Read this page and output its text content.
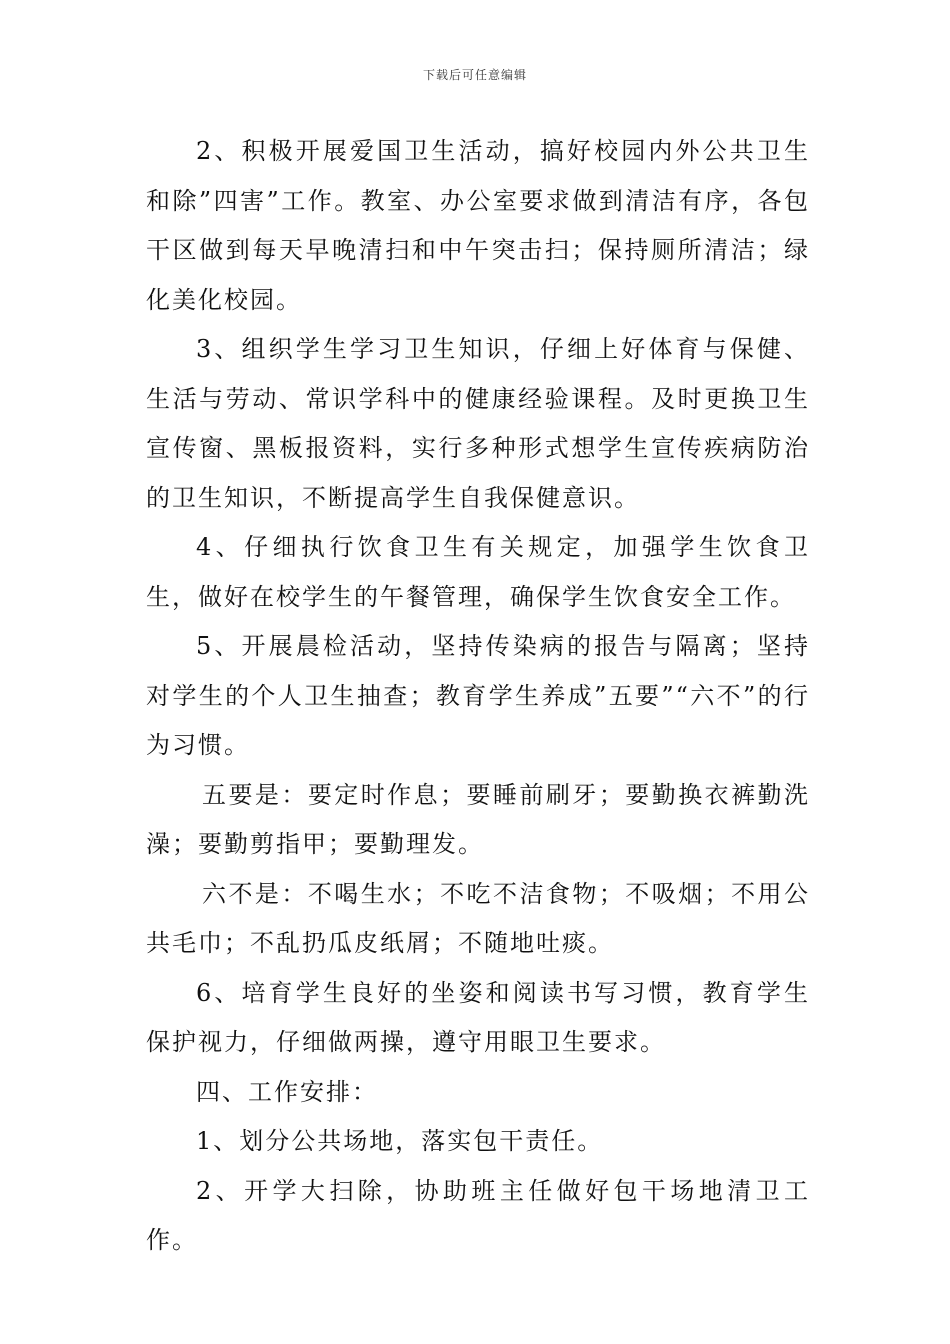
下载后可任意编辑

2、积极开展爱国卫生活动，搞好校园内外公共卫生和除”四害”工作。教室、办公室要求做到清洁有序，各包干区做到每天早晚清扫和中午突击扫；保持厕所清洁；绿化美化校园。

3、组织学生学习卫生知识，仔细上好体育与保健、生活与劳动、常识学科中的健康经验课程。及时更换卫生宣传窗、黑板报资料，实行多种形式想学生宣传疾病防治的卫生知识，不断提高学生自我保健意识。

4、仔细执行饮食卫生有关规定，加强学生饮食卫生，做好在校学生的午餐管理，确保学生饮食安全工作。

5、开展晨检活动，坚持传染病的报告与隔离；坚持对学生的个人卫生抽查；教育学生养成”五要”“六不”的行为习惯。

五要是：要定时作息；要睡前刷牙；要勤换衣裤勤洗澡；要勤剪指甲；要勤理发。

六不是：不喝生水；不吃不洁食物；不吸烟；不用公共毛巾；不乱扔瓜皮纸屑；不随地吐痰。

6、培育学生良好的坐姿和阅读书写习惯，教育学生保护视力，仔细做两操，遵守用眼卫生要求。

四、工作安排：

1、划分公共场地，落实包干责任。

2、开学大扫除，协助班主任做好包干场地清卫工作。
